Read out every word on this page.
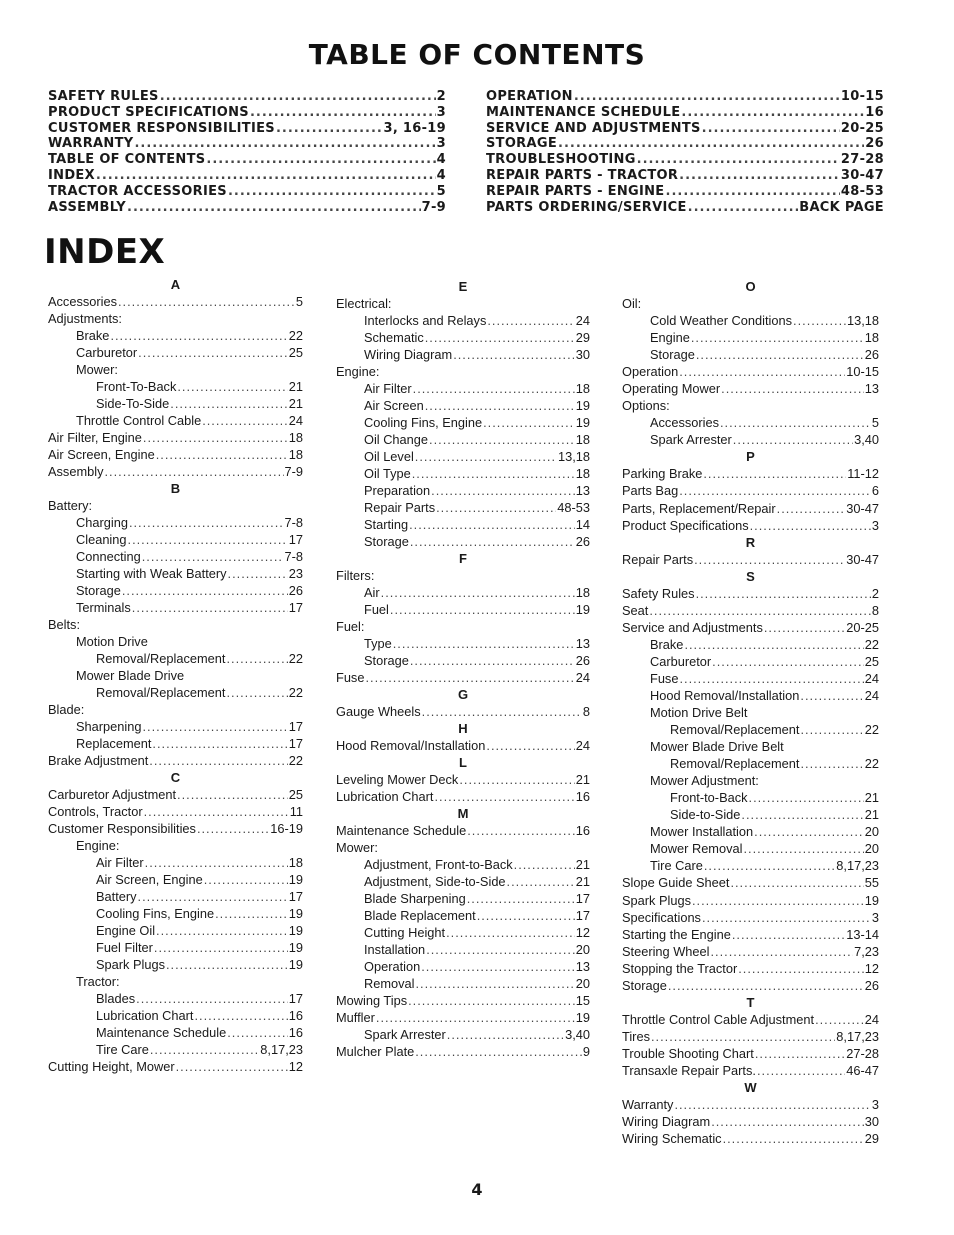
TABLE OF CONTENTS
SAFETY RULES .....	2
PRODUCT SPECIFICATIONS .....	3
CUSTOMER RESPONSIBILITIES .....	3, 16-19
WARRANTY .....	3
TABLE OF CONTENTS .....	4
INDEX .....	4
TRACTOR ACCESSORIES .....	5
ASSEMBLY .....	7-9
OPERATION .....	10-15
MAINTENANCE SCHEDULE .....	16
SERVICE AND ADJUSTMENTS .....	20-25
STORAGE .....	26
TROUBLESHOOTING .....	27-28
REPAIR PARTS - TRACTOR .....	30-47
REPAIR PARTS - ENGINE .....	48-53
PARTS ORDERING/SERVICE .....	BACK PAGE
INDEX
A
Accessories .....	5
Adjustments:
Brake .....	22
Carburetor .....	25
Mower:
Front-To-Back .....	21
Side-To-Side .....	21
Throttle Control Cable .....	24
Air Filter, Engine .....	18
Air Screen, Engine .....	18
Assembly .....	7-9
B
Battery:
Charging .....	7-8
Cleaning .....	17
Connecting .....	7-8
Starting with Weak Battery .....	23
Storage .....	26
Terminals .....	17
Belts:
Motion Drive
Removal/Replacement .....	22
Mower Blade Drive
Removal/Replacement .....	22
Blade:
Sharpening .....	17
Replacement .....	17
Brake Adjustment .....	22
C
Carburetor Adjustment .....	25
Controls, Tractor .....	11
Customer Responsibilities .....	16-19
Engine:
Air Filter .....	18
Air Screen, Engine .....	19
Battery .....	17
Cooling Fins, Engine .....	19
Engine Oil .....	19
Fuel Filter .....	19
Spark Plugs .....	19
Tractor:
Blades .....	17
Lubrication Chart .....	16
Maintenance Schedule .....	16
Tire Care .....	8,17,23
Cutting Height, Mower .....	12
E
Electrical:
Interlocks and Relays .....	24
Schematic .....	29
Wiring Diagram .....	30
Engine:
Air Filter .....	18
Air Screen .....	19
Cooling Fins, Engine .....	19
Oil Change .....	18
Oil Level .....	13,18
Oil Type .....	18
Preparation .....	13
Repair Parts .....	48-53
Starting .....	14
Storage .....	26
F
Filters:
Air .....	18
Fuel .....	19
Fuel:
Type .....	13
Storage .....	26
Fuse .....	24
G
Gauge Wheels .....	8
H
Hood Removal/Installation .....	24
L
Leveling Mower Deck .....	21
Lubrication Chart .....	16
M
Maintenance Schedule .....	16
Mower:
Adjustment, Front-to-Back .....	21
Adjustment, Side-to-Side .....	21
Blade Sharpening .....	17
Blade Replacement .....	17
Cutting Height .....	12
Installation .....	20
Operation .....	13
Removal .....	20
Mowing Tips .....	15
Muffler .....	19
Spark Arrester .....	3,40
Mulcher Plate .....	9
O
Oil:
Cold Weather Conditions .....	13,18
Engine .....	18
Storage .....	26
Operation .....	10-15
Operating Mower .....	13
Options:
Accessories .....	5
Spark Arrester .....	3,40
P
Parking Brake .....	11-12
Parts Bag .....	6
Parts, Replacement/Repair .....	30-47
Product Specifications .....	3
R
Repair Parts .....	30-47
S
Safety Rules .....	2
Seat .....	8
Service and Adjustments .....	20-25
Brake .....	22
Carburetor .....	25
Fuse .....	24
Hood Removal/Installation .....	24
Motion Drive Belt
Removal/Replacement .....	22
Mower Blade Drive Belt
Removal/Replacement .....	22
Mower Adjustment:
Front-to-Back .....	21
Side-to-Side .....	21
Mower Installation .....	20
Mower Removal .....	20
Tire Care .....	8,17,23
Slope Guide Sheet .....	55
Spark Plugs .....	19
Specifications .....	3
Starting the Engine .....	13-14
Steering Wheel .....	7,23
Stopping the Tractor .....	12
Storage .....	26
T
Throttle Control Cable Adjustment .....	24
Tires .....	8,17,23
Trouble Shooting Chart .....	27-28
Transaxle Repair Parts. .....	46-47
W
Warranty .....	3
Wiring Diagram .....	30
Wiring Schematic .....	29
4
